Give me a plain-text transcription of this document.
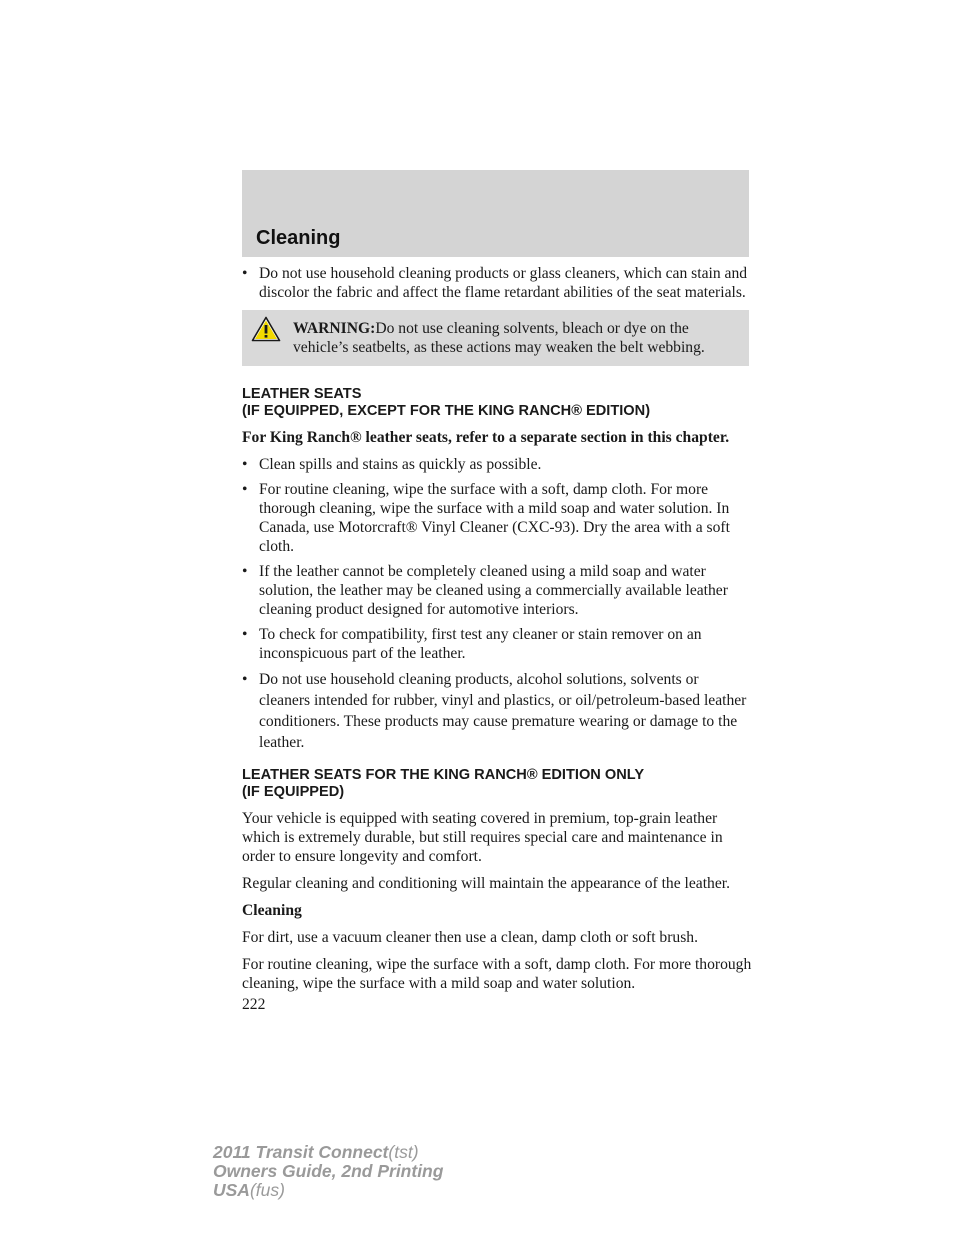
Cleaning
• Do not use household cleaning products or glass cleaners, which can stain and discolor the fabric and affect the flame retardant abilities of the seat materials.
WARNING:Do not use cleaning solvents, bleach or dye on the
vehicle’s seatbelts, as these actions may weaken the belt webbing.
LEATHER SEATS
(IF EQUIPPED, EXCEPT FOR THE KING RANCH® EDITION)
For King Ranch® leather seats, refer to a separate section in this chapter.
• Clean spills and stains as quickly as possible.
• For routine cleaning, wipe the surface with a soft, damp cloth. For more thorough cleaning, wipe the surface with a mild soap and water solution. In Canada, use Motorcraft® Vinyl Cleaner (CXC-93). Dry the area with a soft cloth.
• If the leather cannot be completely cleaned using a mild soap and water solution, the leather may be cleaned using a commercially available leather cleaning product designed for automotive interiors.
• To check for compatibility, first test any cleaner or stain remover on an inconspicuous part of the leather.
• Do not use household cleaning products, alcohol solutions, solvents or cleaners intended for rubber, vinyl and plastics, or oil/petroleum-based leather conditioners. These products may cause premature wearing or damage to the leather.
LEATHER SEATS FOR THE KING RANCH® EDITION ONLY
(IF EQUIPPED)
Your vehicle is equipped with seating covered in premium, top-grain leather which is extremely durable, but still requires special care and maintenance in order to ensure longevity and comfort.
Regular cleaning and conditioning will maintain the appearance of the leather.
Cleaning
For dirt, use a vacuum cleaner then use a clean, damp cloth or soft brush.
For routine cleaning, wipe the surface with a soft, damp cloth. For more thorough cleaning, wipe the surface with a mild soap and water solution.
222
2011 Transit Connect(tst)
Owners Guide, 2nd Printing
USA(fus)
